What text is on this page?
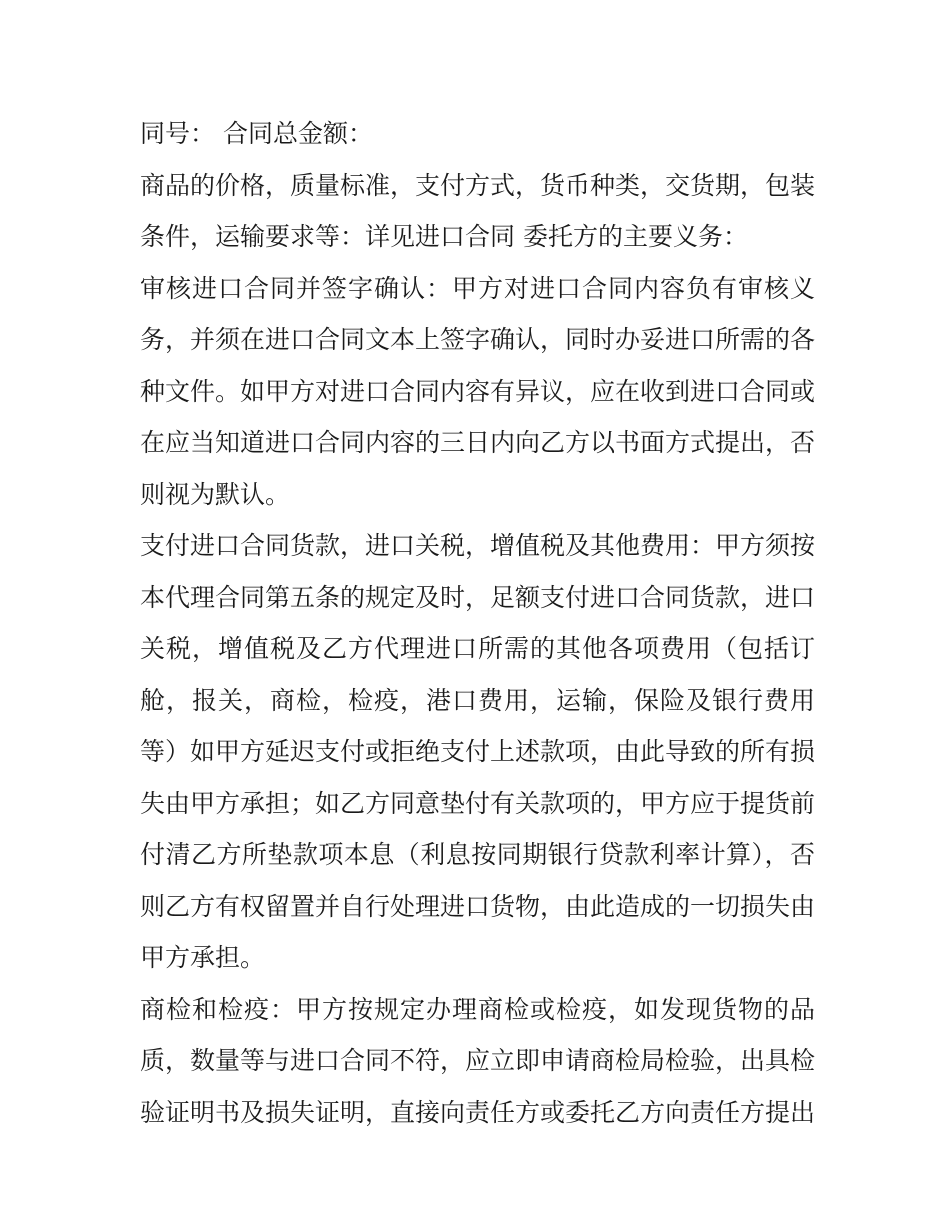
同号： 合同总金额：
商品的价格，质量标准，支付方式，货币种类，交货期，包装
条件，运输要求等：详见进口合同 委托方的主要义务：
审核进口合同并签字确认：甲方对进口合同内容负有审核义
务，并须在进口合同文本上签字确认，同时办妥进口所需的各
种文件。如甲方对进口合同内容有异议，应在收到进口合同或
在应当知道进口合同内容的三日内向乙方以书面方式提出，否
则视为默认。
支付进口合同货款，进口关税，增值税及其他费用：甲方须按
本代理合同第五条的规定及时，足额支付进口合同货款，进口
关税，增值税及乙方代理进口所需的其他各项费用（包括订
舱，报关，商检，检疫，港口费用，运输，保险及银行费用
等）如甲方延迟支付或拒绝支付上述款项，由此导致的所有损
失由甲方承担；如乙方同意垫付有关款项的，甲方应于提货前
付清乙方所垫款项本息（利息按同期银行贷款利率计算），否
则乙方有权留置并自行处理进口货物，由此造成的一切损失由
甲方承担。
商检和检疫：甲方按规定办理商检或检疫，如发现货物的品
质，数量等与进口合同不符，应立即申请商检局检验，出具检
验证明书及损失证明，直接向责任方或委托乙方向责任方提出
